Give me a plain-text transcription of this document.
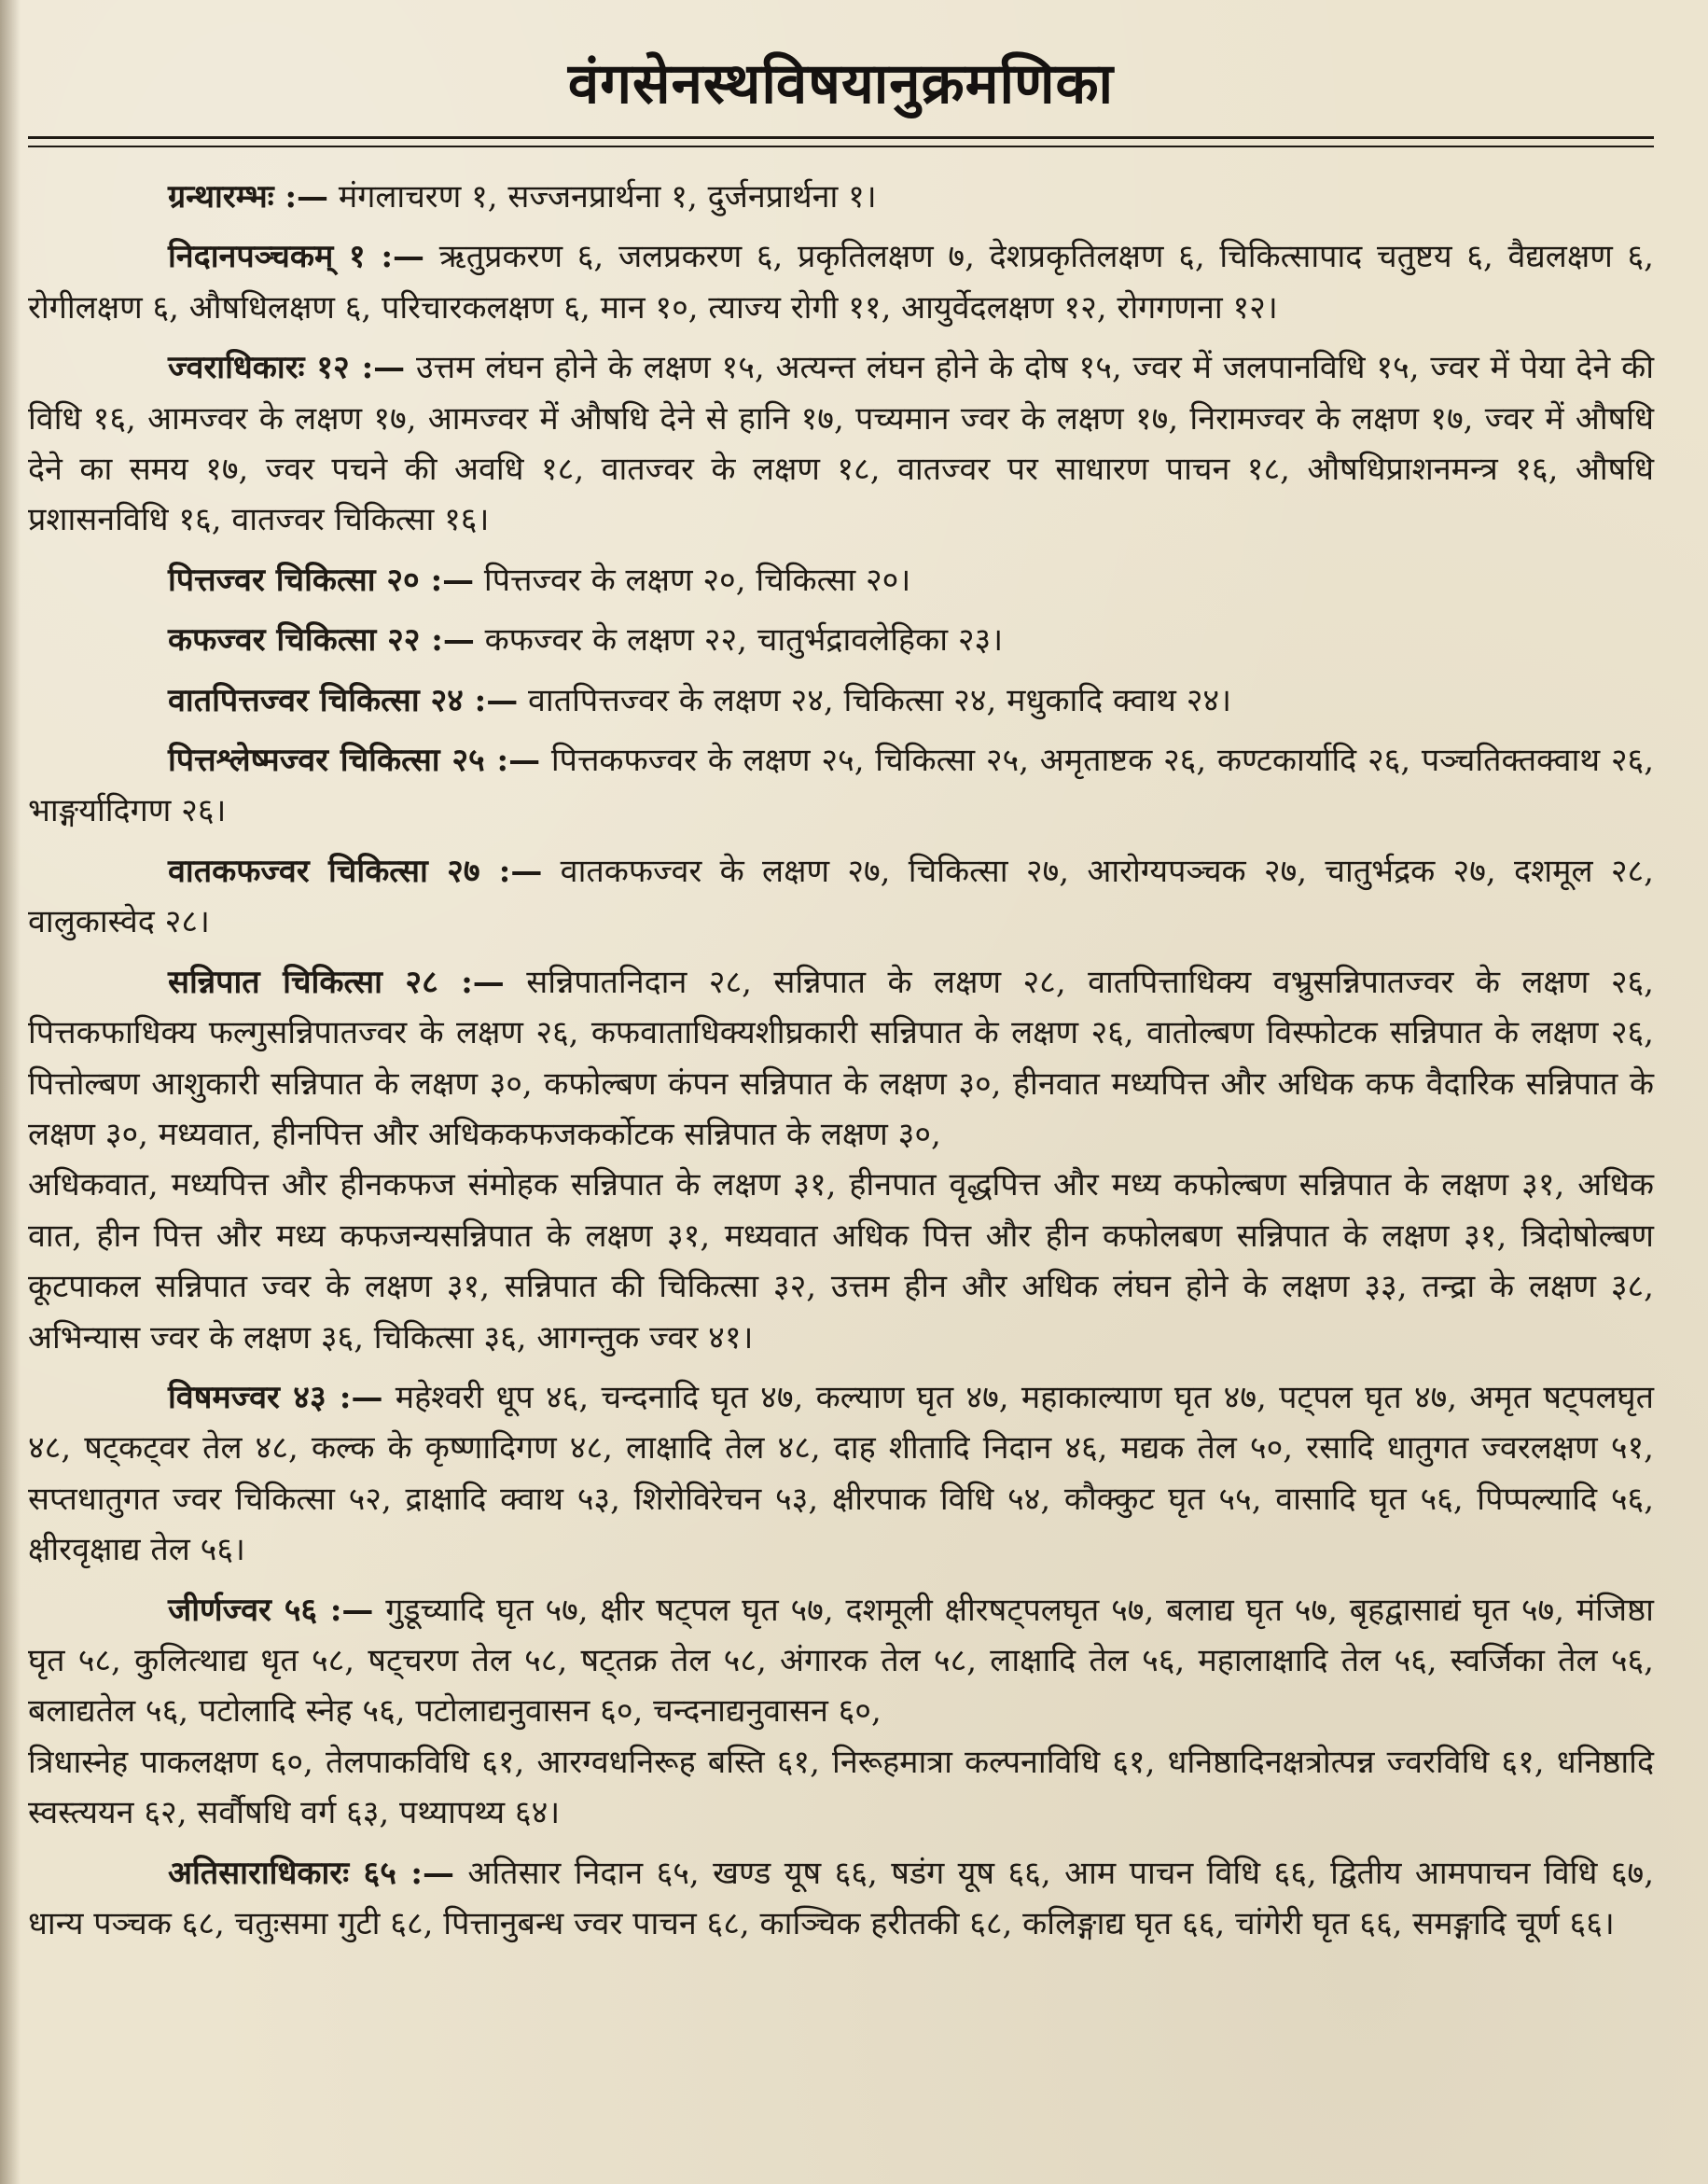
वंगसेनस्थविषयानुक्रमणिका

ग्रन्थारम्भः :— मंगलाचरण १, सज्जनप्रार्थना १, दुर्जनप्रार्थना १।

निदानपञ्चकम् १ :— ऋतुप्रकरण ६, जलप्रकरण ६, प्रकृतिलक्षण ७, देशप्रकृतिलक्षण ६, चिकित्सापाद चतुष्टय ६, वैद्यलक्षण ६, रोगीलक्षण ६, औषधिलक्षण ६, परिचारकलक्षण ६, मान १०, त्याज्य रोगी ११, आयुर्वेदलक्षण १२, रोगगणना १२।

ज्वराधिकारः १२ :— उत्तम लंघन होने के लक्षण १५, अत्यन्त लंघन होने के दोष १५, ज्वर में जलपानविधि १५, ज्वर में पेया देने की विधि १६, आमज्वर के लक्षण १७, आमज्वर में औषधि देने से हानि १७, पच्यमान ज्वर के लक्षण १७, निरामज्वर के लक्षण १७, ज्वर में औषधि देने का समय १७, ज्वर पचने की अवधि १८, वातज्वर के लक्षण १८, वातज्वर पर साधारण पाचन १८, औषधिप्राशनमन्त्र १६, औषधि प्रशासनविधि १६, वातज्वर चिकित्सा १६।

पित्तज्वर चिकित्सा २० :— पित्तज्वर के लक्षण २०, चिकित्सा २०।

कफज्वर चिकित्सा २२ :— कफज्वर के लक्षण २२, चातुर्भद्रावलेहिका २३।

वातपित्तज्वर चिकित्सा २४ :— वातपित्तज्वर के लक्षण २४, चिकित्सा २४, मधुकादि क्वाथ २४।

पित्तश्लेष्मज्वर चिकित्सा २५ :— पित्तकफज्वर के लक्षण २५, चिकित्सा २५, अमृताष्टक २६, कण्टकार्यादि २६, पञ्चतिक्तक्वाथ २६, भाङ्गर्यादिगण २६।

वातकफज्वर चिकित्सा २७ :— वातकफज्वर के लक्षण २७, चिकित्सा २७, आरोग्यपञ्चक २७, चातुर्भद्रक २७, दशमूल २८, वालुकास्वेद २८।

सन्निपात चिकित्सा २८ :— सन्निपातनिदान २८, सन्निपात के लक्षण २८, वातपित्ताधिक्य वभ्रुसन्निपातज्वर के लक्षण २६, पित्तकफाधिक्य फल्गुसन्निपातज्वर के लक्षण २६, कफवाताधिक्यशीघ्रकारी सन्निपात के लक्षण २६, वातोल्बण विस्फोटक सन्निपात के लक्षण २६, पित्तोल्बण आशुकारी सन्निपात के लक्षण ३०, कफोल्बण कंपन सन्निपात के लक्षण ३०, हीनवात मध्यपित्त और अधिक कफ वैदारिक सन्निपात के लक्षण ३०, मध्यवात, हीनपित्त और अधिककफजकर्कोटक सन्निपात के लक्षण ३०,

अधिकवात, मध्यपित्त और हीनकफज संमोहक सन्निपात के लक्षण ३१, हीनपात वृद्धपित्त और मध्य कफोल्बण सन्निपात के लक्षण ३१, अधिक वात, हीन पित्त और मध्य कफजन्यसन्निपात के लक्षण ३१, मध्यवात अधिक पित्त और हीन कफोलबण सन्निपात के लक्षण ३१, त्रिदोषोल्बण कूटपाकल सन्निपात ज्वर के लक्षण ३१, सन्निपात की चिकित्सा ३२, उत्तम हीन और अधिक लंघन होने के लक्षण ३३, तन्द्रा के लक्षण ३८, अभिन्यास ज्वर के लक्षण ३६, चिकित्सा ३६, आगन्तुक ज्वर ४१।

विषमज्वर ४३ :— महेश्वरी धूप ४६, चन्दनादि घृत ४७, कल्याण घृत ४७, महाकाल्याण घृत ४७, पट्पल घृत ४७, अमृत षट्पलघृत ४८, षट्कट्वर तेल ४८, कल्क के कृष्णादिगण ४८, लाक्षादि तेल ४८, दाह शीतादि निदान ४६, मद्यक तेल ५०, रसादि धातुगत ज्वरलक्षण ५१, सप्तधातुगत ज्वर चिकित्सा ५२, द्राक्षादि क्वाथ ५३, शिरोविरेचन ५३, क्षीरपाक विधि ५४, कौक्कुट घृत ५५, वासादि घृत ५६, पिप्पल्यादि ५६, क्षीरवृक्षाद्य तेल ५६।

जीर्णज्वर ५६ :— गुडूच्यादि घृत ५७, क्षीर षट्पल घृत ५७, दशमूली क्षीरषट्पलघृत ५७, बलाद्य घृत ५७, बृहद्वासाद्यं घृत ५७, मंजिष्ठा घृत ५८, कुलित्थाद्य धृत ५८, षट्चरण तेल ५८, षट्तक्र तेल ५८, अंगारक तेल ५८, लाक्षादि तेल ५६, महालाक्षादि तेल ५६, स्वर्जिका तेल ५६, बलाद्यतेल ५६, पटोलादि स्नेह ५६, पटोलाद्यनुवासन ६०, चन्दनाद्यनुवासन ६०,

त्रिधास्नेह पाकलक्षण ६०, तेलपाकविधि ६१, आरग्वधनिरूह बस्ति ६१, निरूहमात्रा कल्पनाविधि ६१, धनिष्ठादिनक्षत्रोत्पन्न ज्वरविधि ६१, धनिष्ठादि स्वस्त्ययन ६२, सर्वौषधि वर्ग ६३, पथ्यापथ्य ६४।

अतिसाराधिकारः ६५ :— अतिसार निदान ६५, खण्ड यूष ६६, षडंग यूष ६६, आम पाचन विधि ६६, द्वितीय आमपाचन विधि ६७, धान्य पञ्चक ६८, चतुःसमा गुटी ६८, पित्तानुबन्ध ज्वर पाचन ६८, काञ्चिक हरीतकी ६८, कलिङ्गाद्य घृत ६६, चांगेरी घृत ६६, समङ्गादि चूर्ण ६६।
